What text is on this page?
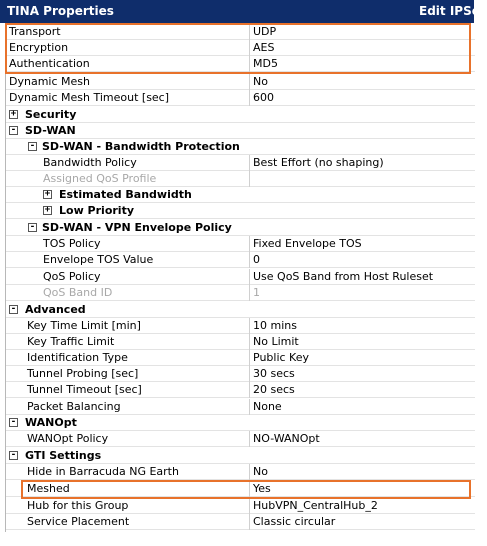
TINA Properties	Edit IPSec
Transport	UDP
Encryption	AES
Authentication	MD5
Dynamic Mesh	No
Dynamic Mesh Timeout [sec]	600
+ Security
- SD-WAN
- SD-WAN - Bandwidth Protection
Bandwidth Policy	Best Effort (no shaping)
Assigned QoS Profile
+ Estimated Bandwidth
+ Low Priority
- SD-WAN - VPN Envelope Policy
TOS Policy	Fixed Envelope TOS
Envelope TOS Value	0
QoS Policy	Use QoS Band from Host Ruleset
QoS Band ID	1
- Advanced
Key Time Limit [min]	10 mins
Key Traffic Limit	No Limit
Identification Type	Public Key
Tunnel Probing [sec]	30 secs
Tunnel Timeout [sec]	20 secs
Packet Balancing	None
- WANOpt
WANOpt Policy	NO-WANOpt
- GTI Settings
Hide in Barracuda NG Earth	No
Meshed	Yes
Hub for this Group	HubVPN_CentralHub_2
Service Placement	Classic circular
